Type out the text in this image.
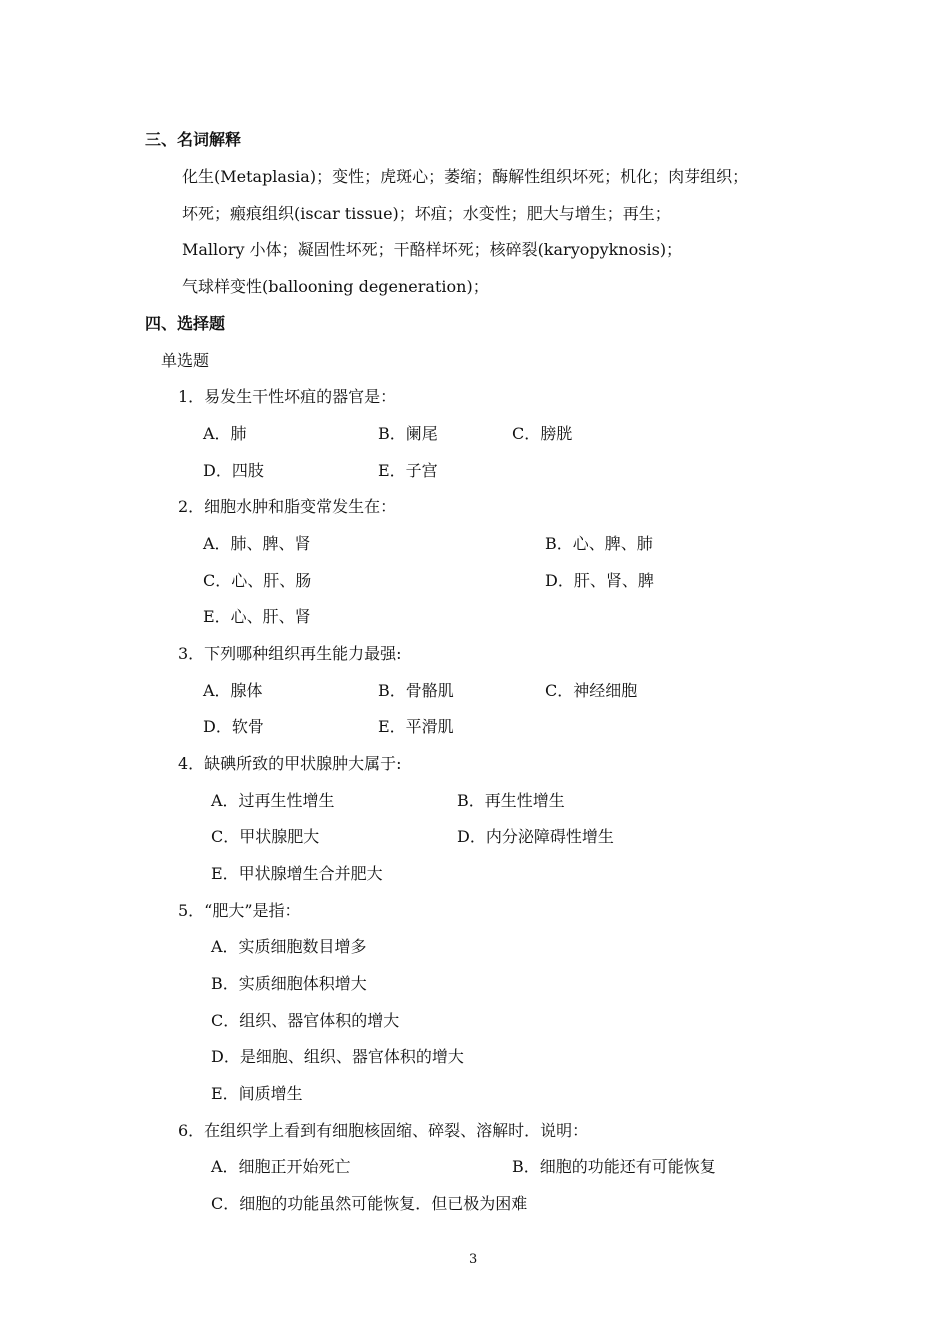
三、名词解释
化生(Metaplasia)；变性；虎斑心；萎缩；酶解性组织坏死；机化；肉芽组织；
坏死；瘢痕组织(iscar tissue)；坏疽；水变性；肥大与增生；再生；
Mallory 小体；凝固性坏死；干酪样坏死；核碎裂(karyopyknosis)；
气球样变性(ballooning degeneration)；
四、选择题
单选题
1．易发生干性坏疽的器官是：
A．肺	B．阑尾	C．膀胱
D．四肢	E．子宫
2．细胞水肿和脂变常发生在：
A．肺、脾、肾	B．心、脾、肺
C．心、肝、肠	D．肝、肾、脾
E．心、肝、肾
3．下列哪种组织再生能力最强:
A．腺体	B．骨骼肌	C．神经细胞
D．软骨	E．平滑肌
4．缺碘所致的甲状腺肿大属于:
A．过再生性增生	B．再生性增生
C．甲状腺肥大	D．内分泌障碍性增生
E．甲状腺增生合并肥大
5．“肥大”是指：
A．实质细胞数目增多
B．实质细胞体积增大
C．组织、器官体积的增大
D．是细胞、组织、器官体积的增大
E．间质增生
6．在组织学上看到有细胞核固缩、碎裂、溶解时．说明：
A．细胞正开始死亡	B．细胞的功能还有可能恢复
C．细胞的功能虽然可能恢复．但已极为困难
3
